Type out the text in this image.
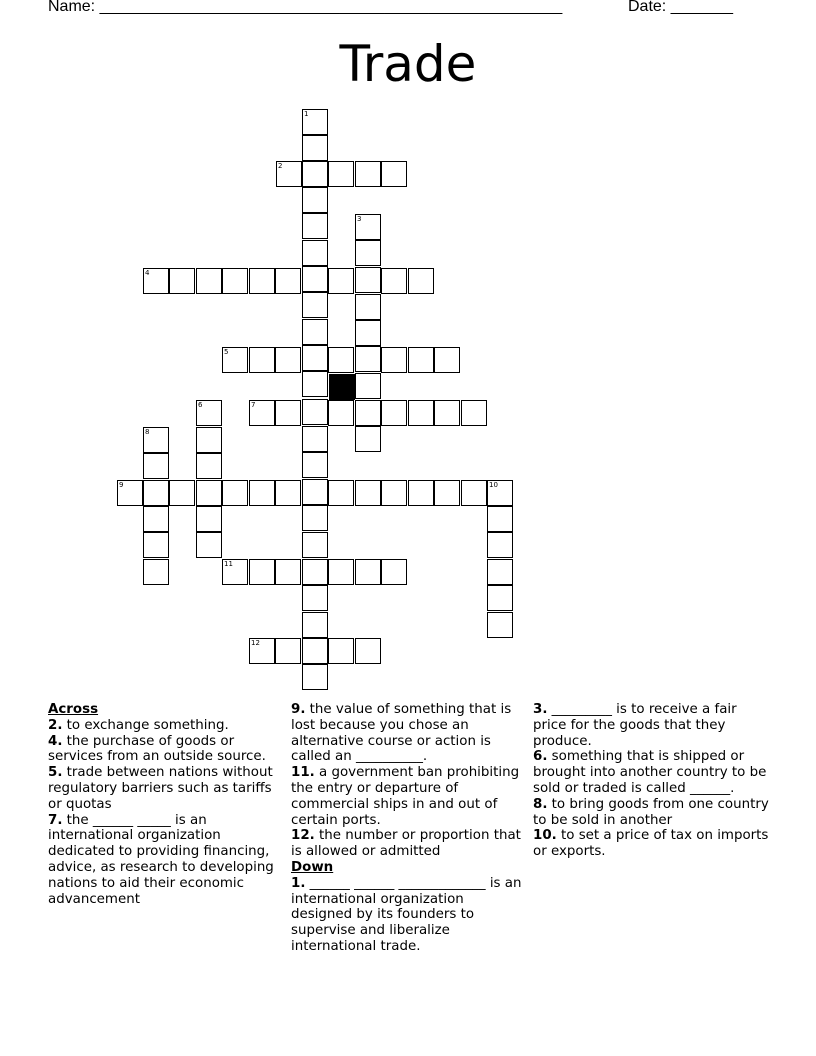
Name: ____________________________________________________	Date: _______
Trade
1
2
3
4
5
6	7
8
9	10
11
12
Across

2. to exchange something.

4. the purchase of goods or services from an outside source.

5. trade between nations without regulatory barriers such as tariffs or quotas

7. the ______ _____ is an international organization dedicated to providing financing, advice, as research to developing nations to aid their economic advancement

9. the value of something that is lost because you chose an alternative course or action is called an __________.

11. a government ban prohibiting the entry or departure of commercial ships in and out of certain ports.

12. the number or proportion that is allowed or admitted

Down

1. ______ ______ _____________ is an international organization designed by its founders to supervise and liberalize international trade.

3. _________ is to receive a fair price for the goods that they produce.

6. something that is shipped or brought into another country to be sold or traded is called ______.

8. to bring goods from one country to be sold in another

10. to set a price of tax on imports or exports.
